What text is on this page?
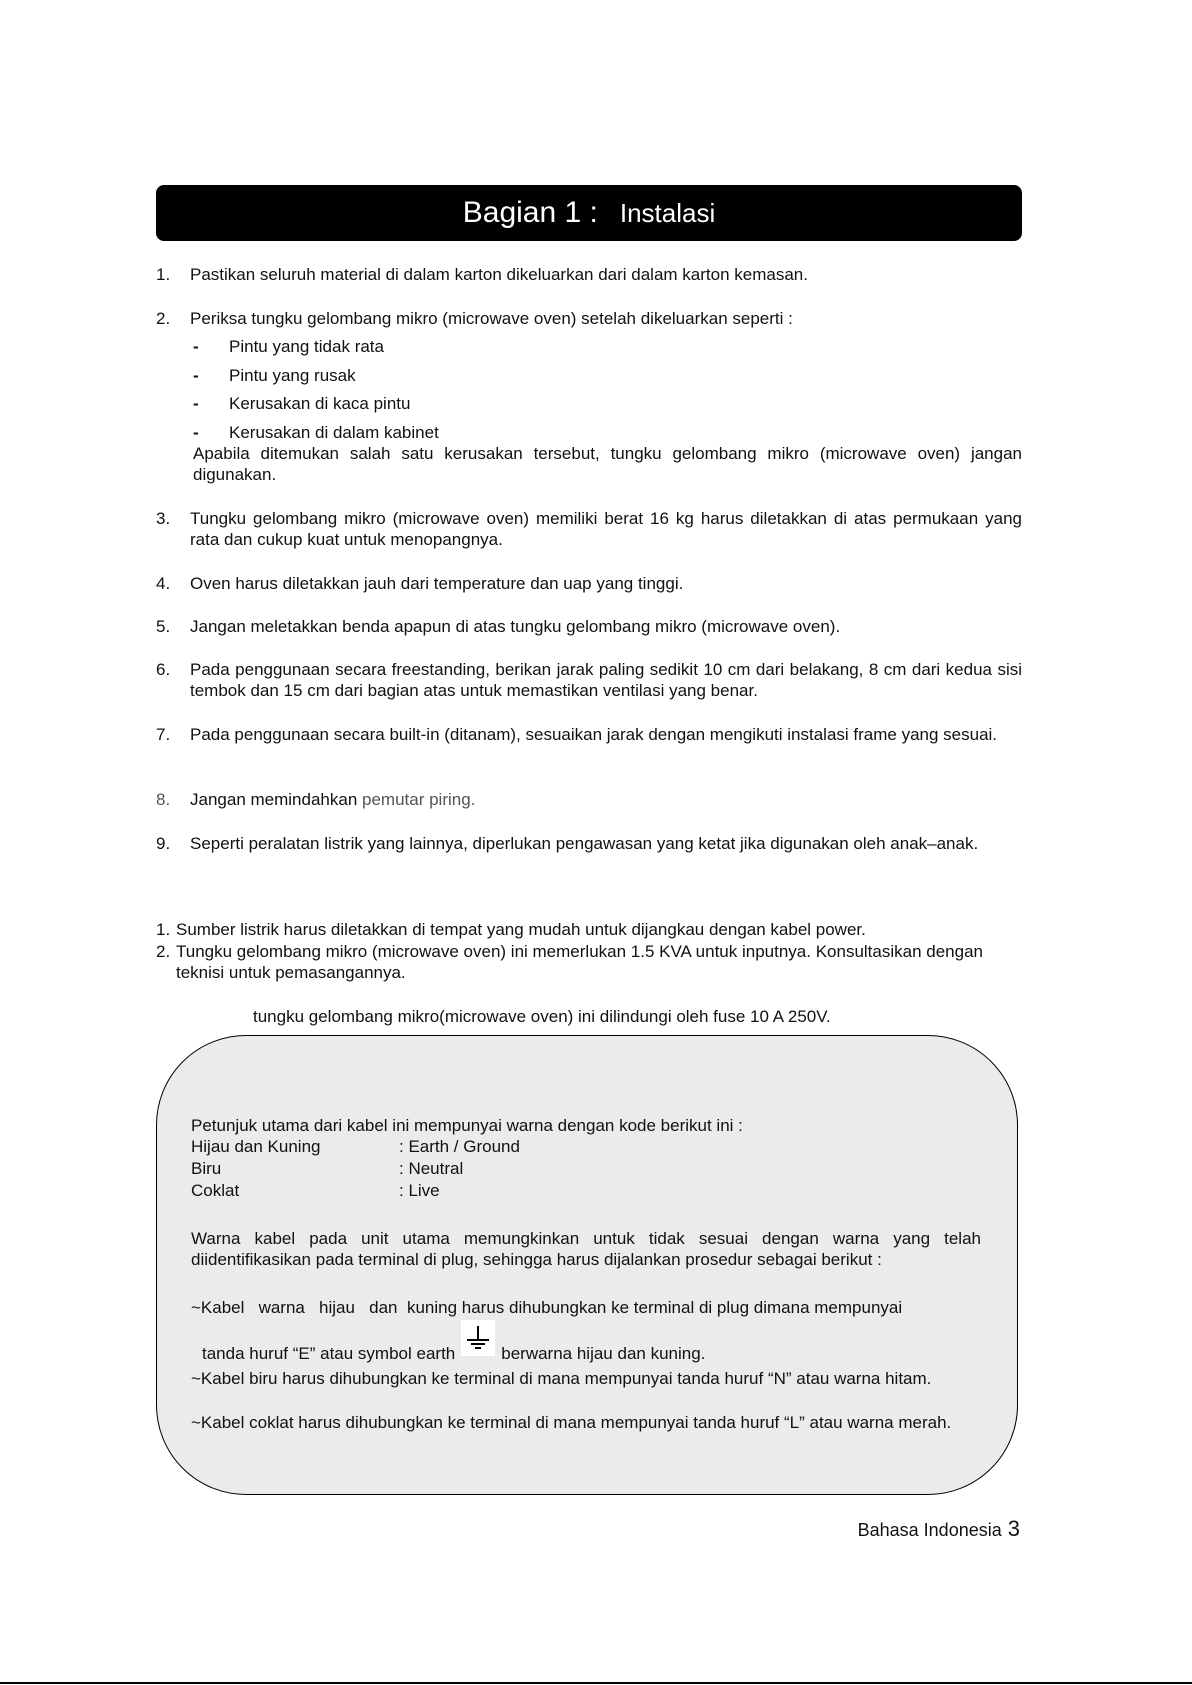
Bagian 1 : Instalasi
1. Pastikan seluruh material di dalam karton dikeluarkan dari dalam karton kemasan.
2. Periksa tungku gelombang mikro (microwave oven) setelah dikeluarkan seperti :
- Pintu yang tidak rata
- Pintu yang rusak
- Kerusakan di kaca pintu
- Kerusakan di dalam kabinet
Apabila ditemukan salah satu kerusakan tersebut, tungku gelombang mikro (microwave oven) jangan digunakan.
3. Tungku gelombang mikro (microwave oven) memiliki berat 16 kg harus diletakkan di atas permukaan yang rata dan cukup kuat untuk menopangnya.
4. Oven harus diletakkan jauh dari temperature dan uap yang tinggi.
5. Jangan meletakkan benda apapun di atas tungku gelombang mikro (microwave oven).
6. Pada penggunaan secara freestanding, berikan jarak paling sedikit 10 cm dari belakang, 8 cm dari kedua sisi tembok dan 15 cm dari bagian atas untuk memastikan ventilasi yang benar.
7. Pada penggunaan secara built-in (ditanam), sesuaikan jarak dengan mengikuti instalasi frame yang sesuai.
8. Jangan memindahkan pemutar piring.
9. Seperti peralatan listrik yang lainnya, diperlukan pengawasan yang ketat jika digunakan oleh anak–anak.
1. Sumber listrik harus diletakkan di tempat yang mudah untuk dijangkau dengan kabel power.
2. Tungku gelombang mikro (microwave oven) ini memerlukan 1.5 KVA untuk inputnya. Konsultasikan dengan teknisi untuk pemasangannya.
tungku gelombang mikro(microwave oven) ini dilindungi oleh fuse 10 A 250V.
Petunjuk utama dari kabel ini mempunyai warna dengan kode berikut ini :
Hijau dan Kuning	: Earth / Ground
Biru	: Neutral
Coklat	: Live
Warna kabel pada unit utama memungkinkan untuk tidak sesuai dengan warna yang telah diidentifikasikan pada terminal di plug, sehingga harus dijalankan prosedur sebagai berikut :
~Kabel   warna   hijau   dan  kuning harus dihubungkan ke terminal di plug dimana mempunyai
tanda huruf “E” atau symbol earth	berwarna hijau dan kuning.
~Kabel biru harus dihubungkan ke terminal di mana mempunyai tanda huruf “N” atau warna hitam.
~Kabel coklat harus dihubungkan ke terminal di mana mempunyai tanda huruf “L” atau warna merah.
Bahasa Indonesia 3
